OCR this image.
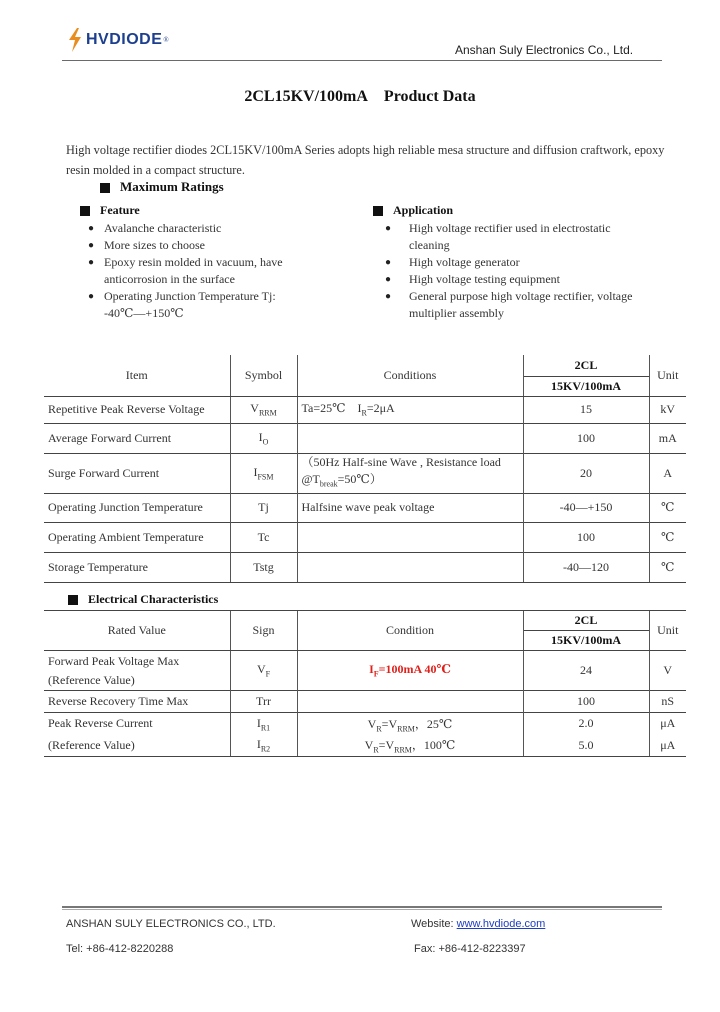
HVDIODE ®
Anshan Suly Electronics Co., Ltd.
2CL15KV/100mA Product Data
High voltage rectifier diodes 2CL15KV/100mA Series adopts high reliable mesa structure and diffusion craftwork, epoxy resin molded in a compact structure.
Maximum Ratings
Feature
● Avalanche characteristic
● More sizes to choose
● Epoxy resin molded in vacuum, have anticorrosion in the surface
● Operating Junction Temperature Tj: -40℃—+150℃
Application
● High voltage rectifier used in electrostatic cleaning
● High voltage generator
● High voltage testing equipment
● General purpose high voltage rectifier, voltage multiplier assembly
Item	Symbol	Conditions	2CL	Unit
			15KV/100mA	
Repetitive Peak Reverse Voltage	$V_{RRM}$	Ta=25℃ $I_R=2\mu A$	15	kV
Average Forward Current	$I_O$		100	mA
Surge Forward Current	$I_{FSM}$	（50Hz Half-sine Wave , Resistance load
$@T_{break}=50℃$）	20	A
Operating Junction Temperature	Tj	Halfsine wave peak voltage	-40—+150	℃
Operating Ambient Temperature	Tc		100	℃
Storage Temperature	Tstg		-40—120	℃
Electrical Characteristics
Rated Value	Sign	Condition	2CL	Unit
			15KV/100mA	

Forward Peak Voltage Max
(Reference Value)	$V_F$	$I_F=100mA$ 40℃	24	V
Reverse Recovery Time Max	Trr		100	nS
Peak Reverse Current	$I_{R1}$	$V_R=V_{RRM}$，25℃	2.0	μA
(Reference Value)	$I_{R2}$	$V_R=V_{RRM}$，100℃	5.0	μA
ANSHAN SULY ELECTRONICS CO., LTD.	Website: www.hvdiode.com
Tel: +86-412-8220288	Fax: +86-412-8223397
